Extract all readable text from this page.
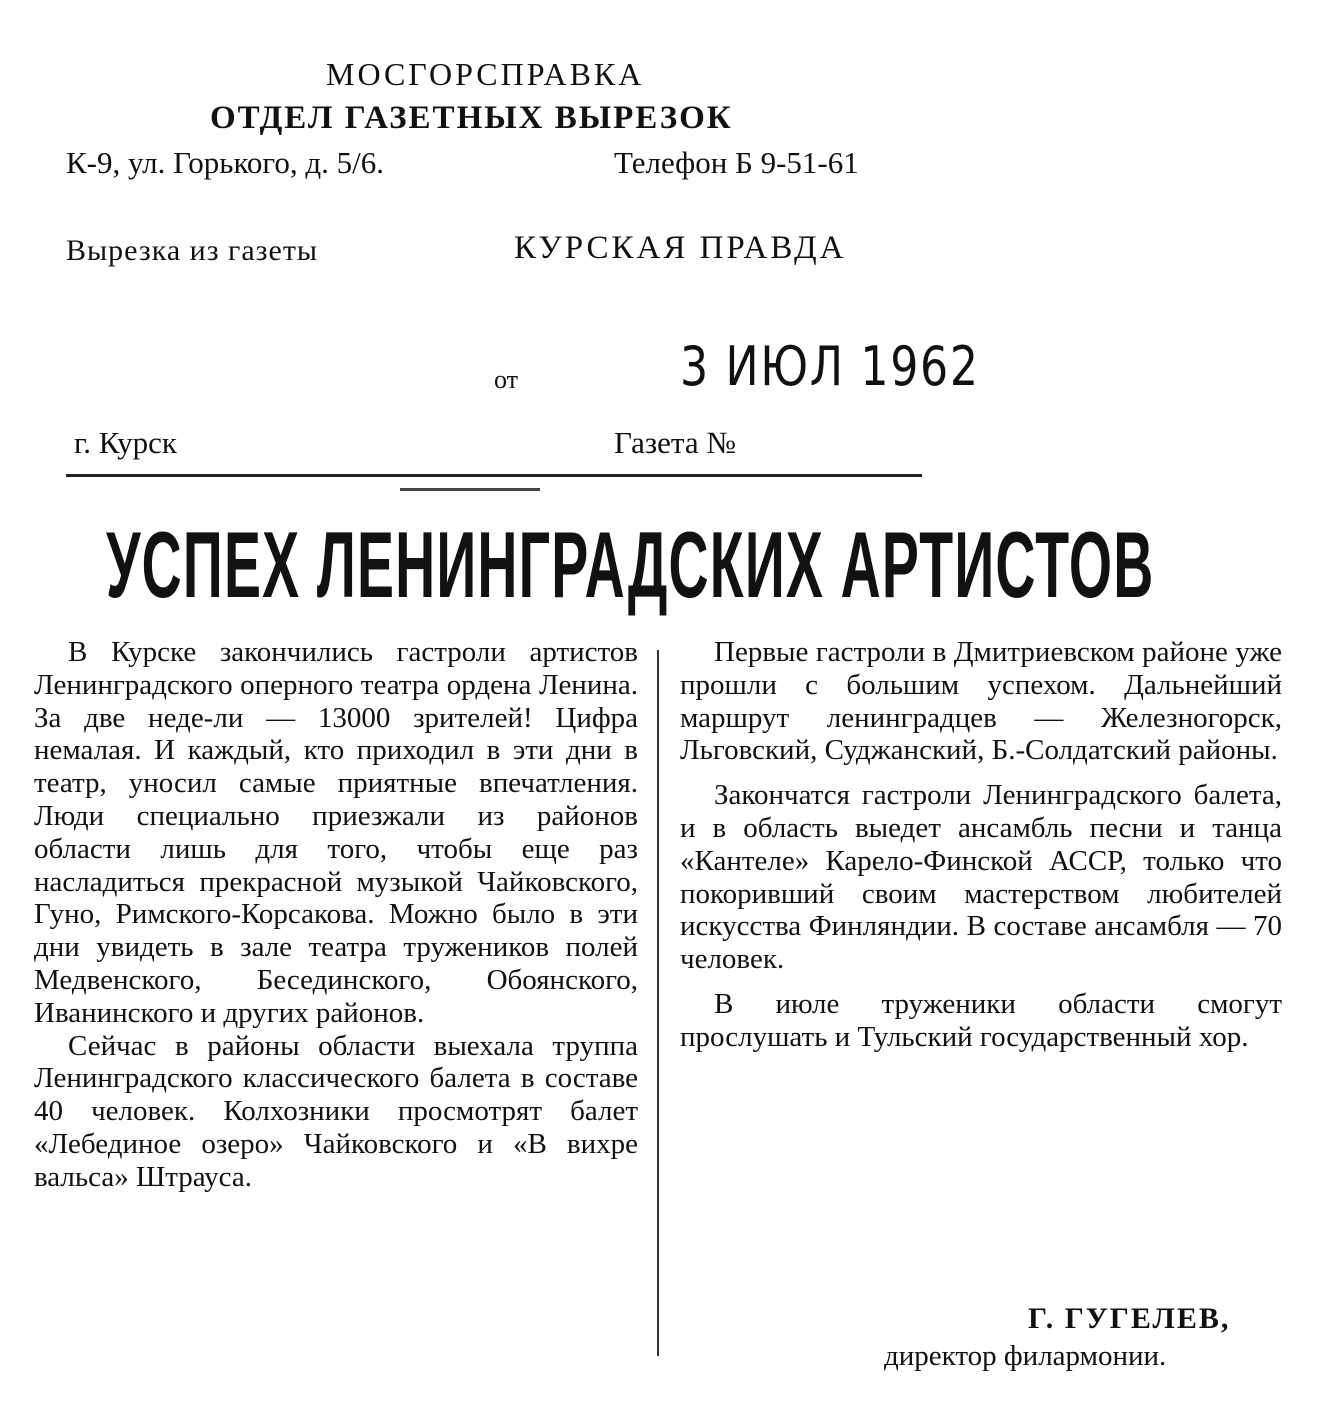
МОСГОРСПРАВКА
ОТДЕЛ ГАЗЕТНЫХ ВЫРЕЗОК
К-9, ул. Горького, д. 5/6.	Телефон Б 9-51-61
Вырезка из газеты	КУРСКАЯ ПРАВДА
от	3 ИЮЛ 1962
г. Курск	Газета №
УСПЕХ ЛЕНИНГРАДСКИХ АРТИСТОВ

В Курске закончились гастроли артистов Ленинградского оперного театра ордена Ленина. За две неде-ли — 13000 зрителей! Цифра немалая. И каждый, кто приходил в эти дни в театр, уносил самые приятные впечатления. Люди специально приезжали из районов области лишь для того, чтобы еще раз насладиться прекрасной музыкой Чайковского, Гуно, Римского-Корсакова. Можно было в эти дни увидеть в зале театра тружеников полей Медвенского, Бесединского, Обоянского, Иванинского и других районов.

Сейчас в районы области выехала труппа Ленинградского классического балета в составе 40 человек. Колхозники просмотрят балет «Лебединое озеро» Чайковского и «В вихре вальса» Штрауса.

Первые гастроли в Дмитриевском районе уже прошли с большим успехом. Дальнейший маршрут ленинградцев — Железногорск, Льговский, Суджанский, Б.-Солдатский районы.

Закончатся гастроли Ленинградского балета, и в область выедет ансамбль песни и танца «Кантеле» Карело-Финской АССР, только что покоривший своим мастерством любителей искусства Финляндии. В составе ансамбля — 70 человек.

В июле труженики области смогут прослушать и Тульский государственный хор.

Г. ГУГЕЛЕВ,
директор филармонии.
